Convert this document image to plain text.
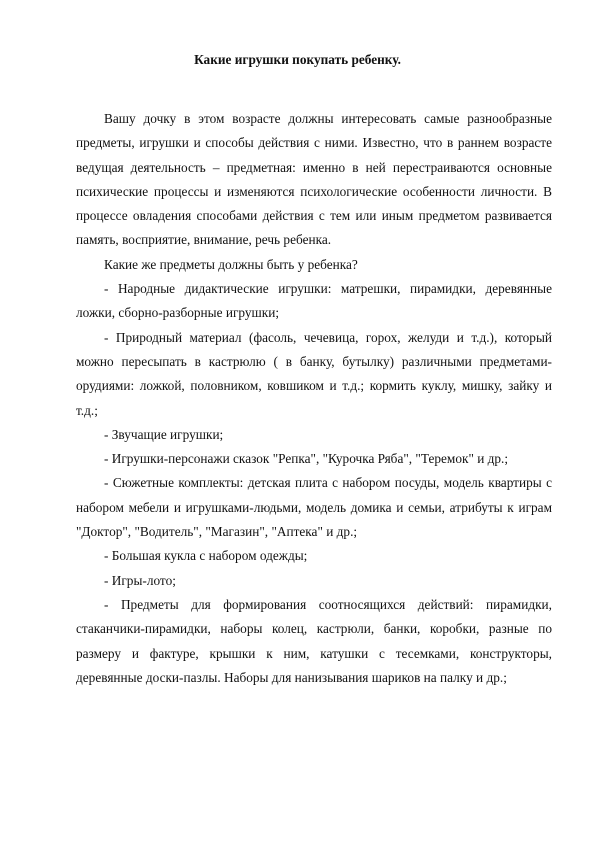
Какие игрушки покупать ребенку.

Вашу дочку в этом возрасте должны интересовать самые разнообразные предметы, игрушки и способы действия с ними. Известно, что в раннем возрасте ведущая деятельность – предметная: именно в ней перестраиваются основные психические процессы и изменяются психологические особенности личности. В процессе овладения способами действия с тем или иным предметом развивается память, восприятие, внимание, речь ребенка.

Какие же предметы должны быть у ребенка?

- Народные дидактические игрушки: матрешки, пирамидки, деревянные ложки, сборно-разборные игрушки;

- Природный материал (фасоль, чечевица, горох, желуди и т.д.), который можно пересыпать в кастрюлю ( в банку, бутылку) различными предметами-орудиями: ложкой, половником, ковшиком и т.д.; кормить куклу, мишку, зайку и т.д.;

- Звучащие игрушки;

- Игрушки-персонажи сказок "Репка", "Курочка Ряба", "Теремок" и др.;

- Сюжетные комплекты: детская плита с набором посуды, модель квартиры с набором мебели и игрушками-людьми, модель домика и семьи, атрибуты к играм "Доктор", "Водитель", "Магазин", "Аптека" и др.;

- Большая кукла с набором одежды;

- Игры-лото;

- Предметы для формирования соотносящихся действий: пирамидки, стаканчики-пирамидки, наборы колец, кастрюли, банки, коробки, разные по размеру и фактуре, крышки к ним, катушки с тесемками, конструкторы, деревянные доски-пазлы. Наборы для нанизывания шариков на палку и др.;
